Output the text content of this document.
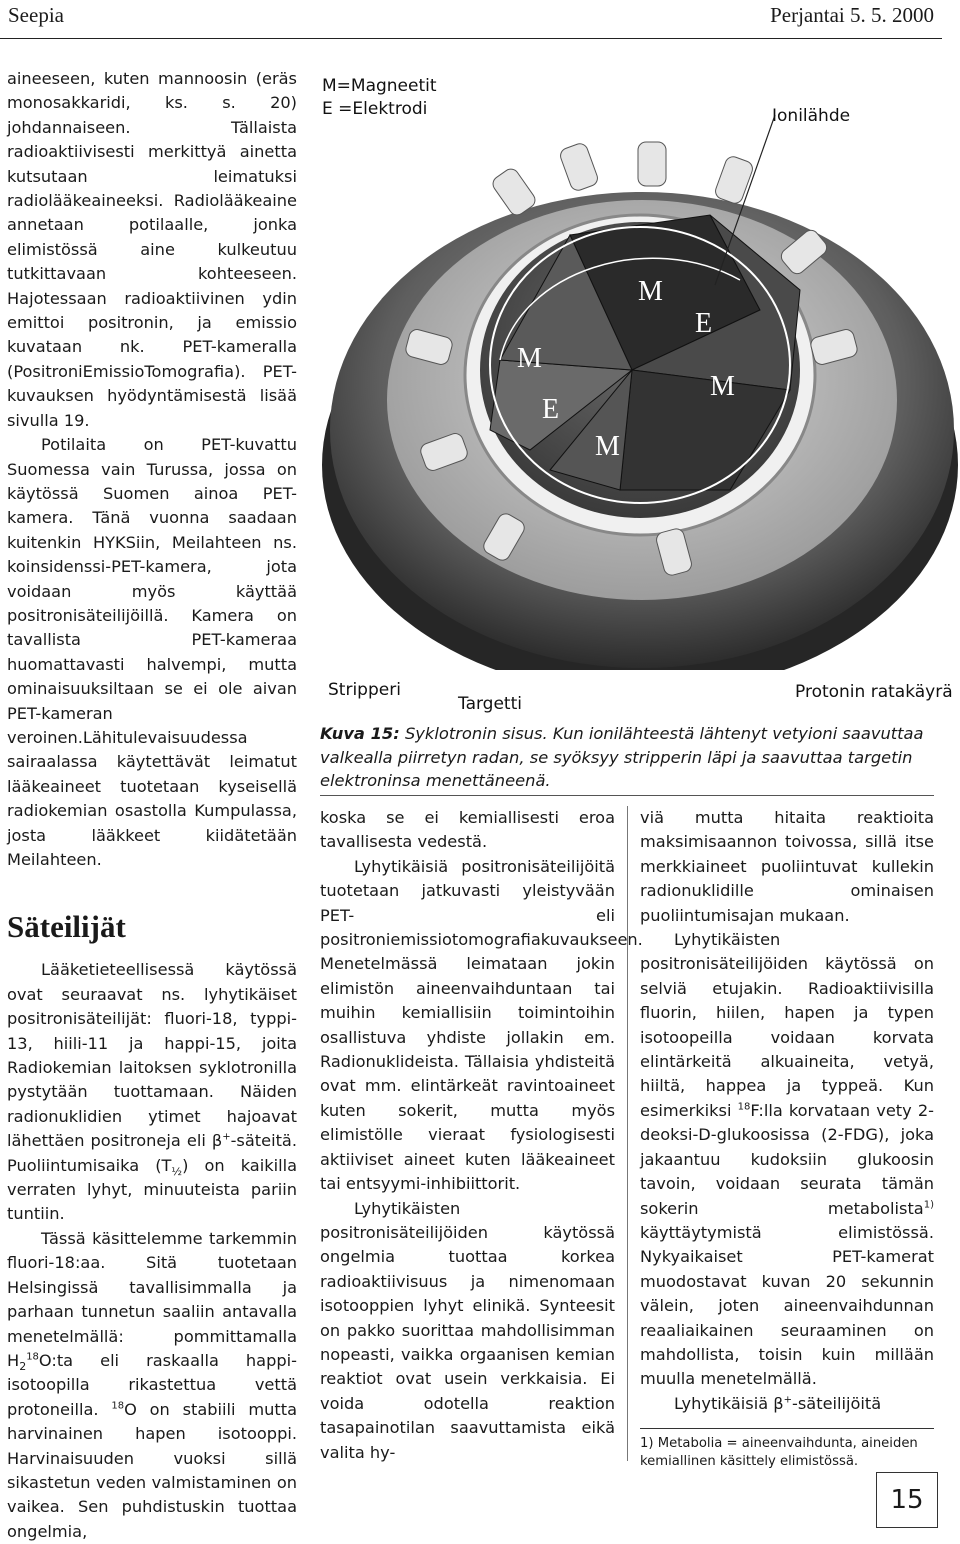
Seepia	Perjantai 5. 5. 2000

aineeseen, kuten mannoosin (eräs monosakkaridi, ks. s. 20) johdannaiseen. Tällaista radioaktiivisesti merkittyä ainetta kutsutaan leimatuksi radiolääkeaineeksi. Radiolääkeaine annetaan potilaalle, jonka elimistössä aine kulkeutuu tutkittavaan kohteeseen. Hajotessaan radioaktiivinen ydin emittoi positronin, ja emissio kuvataan nk. PET-kameralla (PositroniEmissioTomografia). PET-kuvauksen hyödyntämisestä lisää sivulla 19.

Potilaita on PET-kuvattu Suomessa vain Turussa, jossa on käytössä Suomen ainoa PET-kamera. Tänä vuonna saadaan kuitenkin HYKSiin, Meilahteen ns. koinsidenssi-PET-kamera, jota voidaan myös käyttää positronisäteilijöillä. Kamera on tavallista PET-kameraa huomattavasti halvempi, mutta ominaisuuksiltaan se ei ole aivan PET-kameran veroinen.Lähitulevaisuudessa sairaalassa käytettävät leimatut lääkeaineet tuotetaan kyseisellä radiokemian osastolla Kumpulassa, josta lääkkeet kiidätetään Meilahteen.

Säteilijät

Lääketieteellisessä käytössä ovat seuraavat ns. lyhytikäiset positronisäteilijät: fluori-18, typpi-13, hiili-11 ja happi-15, joita Radiokemian laitoksen syklotronilla pystytään tuottamaan. Näiden radionuklidien ytimet hajoavat lähettäen positroneja eli β+-säteitä. Puoliintumisaika $(T_{\frac{1}{2}})$ on kaikilla verraten lyhyt, minuuteista pariin tuntiin.

Tässä käsittelemme tarkemmin fluori-18:aa. Sitä tuotetaan Helsingissä tavallisimmalla ja parhaan tunnetun saaliin antavalla menetelmällä: pommittamalla $H_2^{18}O:ta$ eli raskaalla happi-isotoopilla rikastettua vettä protoneilla. $^{18}$O on stabiili mutta harvinainen hapen isotooppi. Harvinaisuuden vuoksi sillä sikastetun veden valmistaminen on vaikea. Sen puhdistuskin tuottaa ongelmia,

M
E
M
E
M
M
M=Magneetit
E =Elektrodi	Ionilähde
Stripperi
Targetti
Protonin ratakäyrä
Kuva 15: Syklotronin sisus. Kun ionilähteestä lähtenyt vetyioni saavuttaa valkealla piirretyn radan, se syöksyy stripperin läpi ja saavuttaa targetin elektroninsa menettäneenä.

koska se ei kemiallisesti eroa tavallisesta vedestä.

Lyhytikäisiä positronisäteilijöitä tuotetaan jatkuvasti yleistyvään PET- eli positroniemissiotomografiakuvaukseen. Menetelmässä leimataan jokin elimistön aineenvaihduntaan tai muihin kemiallisiin toimintoihin osallistuva yhdiste jollakin em. Radionuklideista. Tällaisia yhdisteitä ovat mm. elintärkeät ravintoaineet kuten sokerit, mutta myös elimistölle vieraat fysiologisesti aktiiviset aineet kuten lääkeaineet tai entsyymi-inhibiittorit.

Lyhytikäisten positronisäteilijöiden käytössä ongelmia tuottaa korkea radioaktiivisuus ja nimenomaan isotooppien lyhyt elinikä. Synteesit on pakko suorittaa mahdollisimman nopeasti, vaikka orgaanisen kemian reaktiot ovat usein verkkaisia. Ei voida odotella reaktion tasapainotilan saavuttamista eikä valita hy-

viä mutta hitaita reaktioita maksimisaannon toivossa, sillä itse merkkiaineet puoliintuvat kullekin radionuklidille ominaisen puoliintumisajan mukaan.

Lyhytikäisten positronisäteilijöiden käytössä on selviä etujakin. Radioaktiivisilla fluorin, hiilen, hapen ja typen isotoopeilla voidaan korvata elintärkeitä alkuaineita, vetyä, hiiltä, happea ja typpeä. Kun esimerkiksi $^{18}$F:lla korvataan vety 2-deoksi-D-glukoosissa (2-FDG), joka jakaantuu kudoksiin glukoosin tavoin, voidaan seurata tämän sokerin metabolista$^{1)}$ käyttäytymistä elimistössä. Nykyaikaiset PET-kamerat muodostavat kuvan 20 sekunnin välein, joten aineenvaihdunnan reaaliaikainen seuraaminen on mahdollista, toisin kuin millään muulla menetelmällä.

Lyhytikäisiä β+-säteilijöitä

1) Metabolia = aineenvaihdunta, aineiden kemiallinen käsittely elimistössä.
15
